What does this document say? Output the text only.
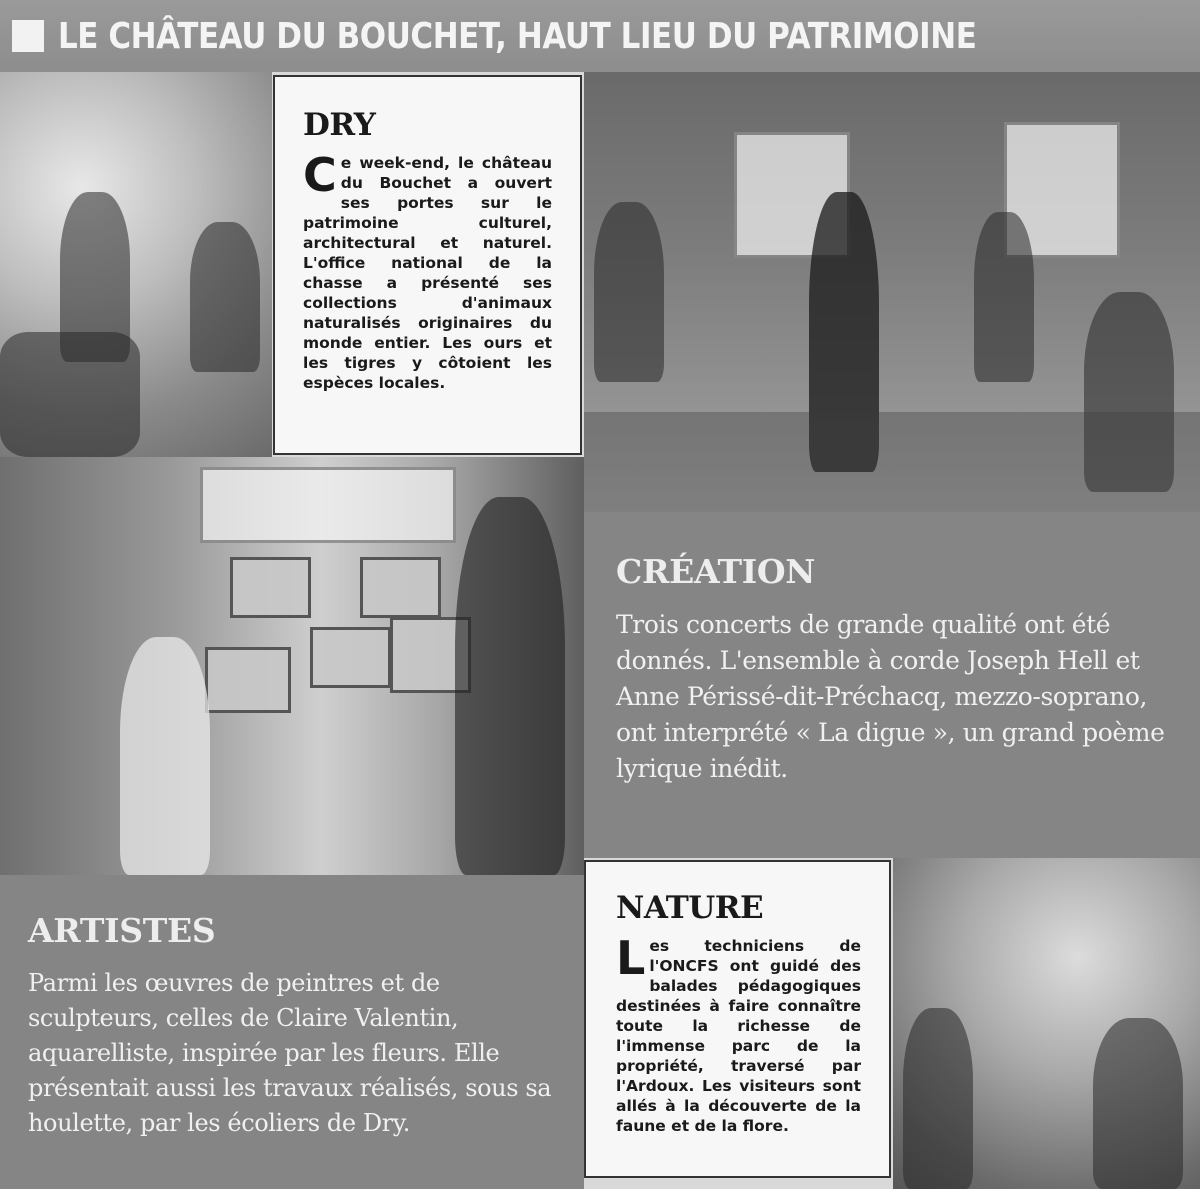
LE CHÂTEAU DU BOUCHET, HAUT LIEU DU PATRIMOINE
DRY

Ce week-end, le château du Bouchet a ouvert ses portes sur le patrimoine culturel, architectural et naturel. L'office national de la chasse a présenté ses collections d'animaux naturalisés originaires du monde entier. Les ours et les tigres y côtoient les espèces locales.

CRÉATION

Trois concerts de grande qualité ont été donnés. L'ensemble à corde Joseph Hell et Anne Périssé-dit-Préchacq, mezzo-soprano, ont interprété « La digue », un grand poème lyrique inédit.

ARTISTES

Parmi les œuvres de peintres et de sculpteurs, celles de Claire Valentin, aquarelliste, inspirée par les fleurs. Elle présentait aussi les travaux réalisés, sous sa houlette, par les écoliers de Dry.

NATURE

Les techniciens de l'ONCFS ont guidé des balades pédagogiques destinées à faire connaître toute la richesse de l'immense parc de la propriété, traversé par l'Ardoux. Les visiteurs sont allés à la découverte de la faune et de la flore.
